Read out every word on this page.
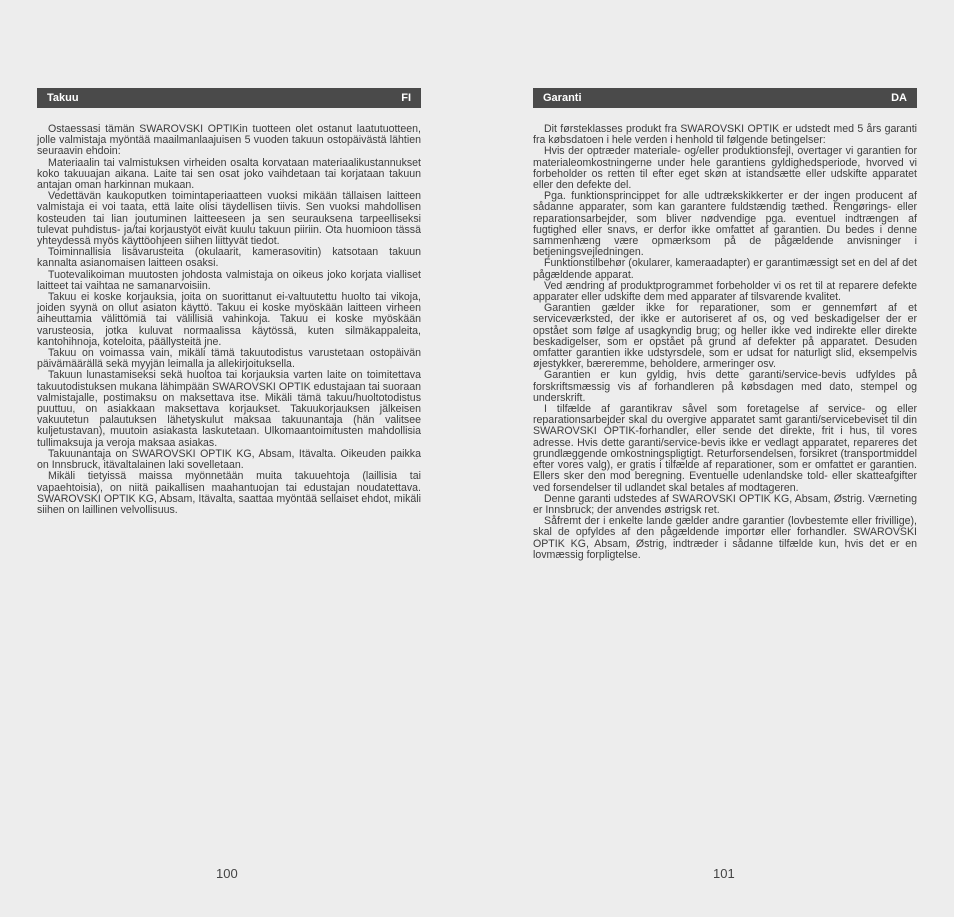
Takuu	FI

Ostaessasi tämän SWAROVSKI OPTIKin tuotteen olet ostanut laatutuotteen, jolle valmistaja myöntää maailmanlaajuisen 5 vuoden takuun ostopäivästä lähtien seuraavin ehdoin:

Materiaalin tai valmistuksen virheiden osalta korvataan materiaalikustannukset koko takuuajan aikana. Laite tai sen osat joko vaihdetaan tai korjataan takuun antajan oman harkinnan mukaan.

Vedettävän kaukoputken toimintaperiaatteen vuoksi mikään tällaisen laitteen valmistaja ei voi taata, että laite olisi täydellisen tiivis. Sen vuoksi mahdollisen kosteuden tai lian joutuminen laitteeseen ja sen seurauksena tarpeelliseksi tulevat puhdistus- ja/tai korjaustyöt eivät kuulu takuun piiriin. Ota huomioon tässä yhteydessä myös käyttöohjeen siihen liittyvät tiedot.

Toiminnallisia lisävarusteita (okulaarit, kamerasovitin) katsotaan takuun kannalta asianomaisen laitteen osaksi.

Tuotevalikoiman muutosten johdosta valmistaja on oikeus joko korjata vialliset laitteet tai vaihtaa ne samanarvoisiin.

Takuu ei koske korjauksia, joita on suorittanut ei-valtuutettu huolto tai vikoja, joiden syynä on ollut asiaton käyttö. Takuu ei koske myöskään laitteen virheen aiheuttamia välittömiä tai välillisiä vahinkoja. Takuu ei koske myöskään varusteosia, jotka kuluvat normaalissa käytössä, kuten silmäkappaleita, kantohihnoja, koteloita, päällysteitä jne.

Takuu on voimassa vain, mikäli tämä takuutodistus varustetaan ostopäivän päivämäärällä sekä myyjän leimalla ja allekirjoituksella.

Takuun lunastamiseksi sekä huoltoa tai korjauksia varten laite on toimitettava takuutodistuksen mukana lähimpään SWAROVSKI OPTIK edustajaan tai suoraan valmistajalle, postimaksu on maksettava itse. Mikäli tämä takuu/huoltotodistus puuttuu, on asiakkaan maksettava korjaukset. Takuukorjauksen jälkeisen vakuutetun palautuksen lähetyskulut maksaa takuunantaja (hän valitsee kuljetustavan), muutoin asiakasta laskutetaan. Ulkomaantoimitusten mahdollisia tullimaksuja ja veroja maksaa asiakas.

Takuunantaja on SWAROVSKI OPTIK KG, Absam, Itävalta. Oikeuden paikka on Innsbruck, itävaltalainen laki sovelletaan.

Mikäli tietyissä maissa myönnetään muita takuuehtoja (laillisia tai vapaehtoisia), on niitä paikallisen maahantuojan tai edustajan noudatettava. SWAROVSKI OPTIK KG, Absam, Itävalta, saattaa myöntää sellaiset ehdot, mikäli siihen on laillinen velvollisuus.

100
Garanti	DA

Dit førsteklasses produkt fra SWAROVSKI OPTIK er udstedt med 5 års garanti fra købsdatoen i hele verden i henhold til følgende betingelser:

Hvis der optræder materiale- og/eller produktionsfejl, overtager vi garantien for materialeomkostningerne under hele garantiens gyldighedsperiode, hvorved vi forbeholder os retten til efter eget skøn at istandsætte eller udskifte apparatet eller den defekte del.

Pga. funktionsprincippet for alle udtrækskikkerter er der ingen producent af sådanne apparater, som kan garantere fuldstændig tæthed. Rengørings- eller reparationsarbejder, som bliver nødvendige pga. eventuel indtrængen af fugtighed eller snavs, er derfor ikke omfattet af garantien. Du bedes i denne sammenhæng være opmærksom på de pågældende anvisninger i betjeningsvejledningen.

Funktionstilbehør (okularer, kameraadapter) er garantimæssigt set en del af det pågældende apparat.

Ved ændring af produktprogrammet forbeholder vi os ret til at reparere defekte apparater eller udskifte dem med apparater af tilsvarende kvalitet.

Garantien gælder ikke for reparationer, som er gennemført af et serviceværksted, der ikke er autoriseret af os, og ved beskadigelser der er opstået som følge af usagkyndig brug; og heller ikke ved indirekte eller direkte beskadigelser, som er opstået på grund af defekter på apparatet. Desuden omfatter garantien ikke udstyrsdele, som er udsat for naturligt slid, eksempelvis øjestykker, bæreremme, beholdere, armeringer osv.

Garantien er kun gyldig, hvis dette garanti/service-bevis udfyldes på forskriftsmæssig vis af forhandleren på købsdagen med dato, stempel og underskrift.

I tilfælde af garantikrav såvel som foretagelse af service- og eller reparationsarbejder skal du overgive apparatet samt garanti/servicebeviset til din SWAROVSKI OPTIK-forhandler, eller sende det direkte, frit i hus, til vores adresse. Hvis dette garanti/service-bevis ikke er vedlagt apparatet, repareres det grundlæggende omkostningspligtigt. Returforsendelsen, forsikret (transportmiddel efter vores valg), er gratis i tilfælde af reparationer, som er omfattet er garantien. Ellers sker den mod beregning. Eventuelle udenlandske told- eller skatteafgifter ved forsendelser til udlandet skal betales af modtageren.

Denne garanti udstedes af SWAROVSKI OPTIK KG, Absam, Østrig. Værneting er Innsbruck; der anvendes østrigsk ret.

Såfremt der i enkelte lande gælder andre garantier (lovbestemte eller frivillige), skal de opfyldes af den pågældende importør eller forhandler. SWAROVSKI OPTIK KG, Absam, Østrig, indtræder i sådanne tilfælde kun, hvis det er en lovmæssig forpligtelse.

101
